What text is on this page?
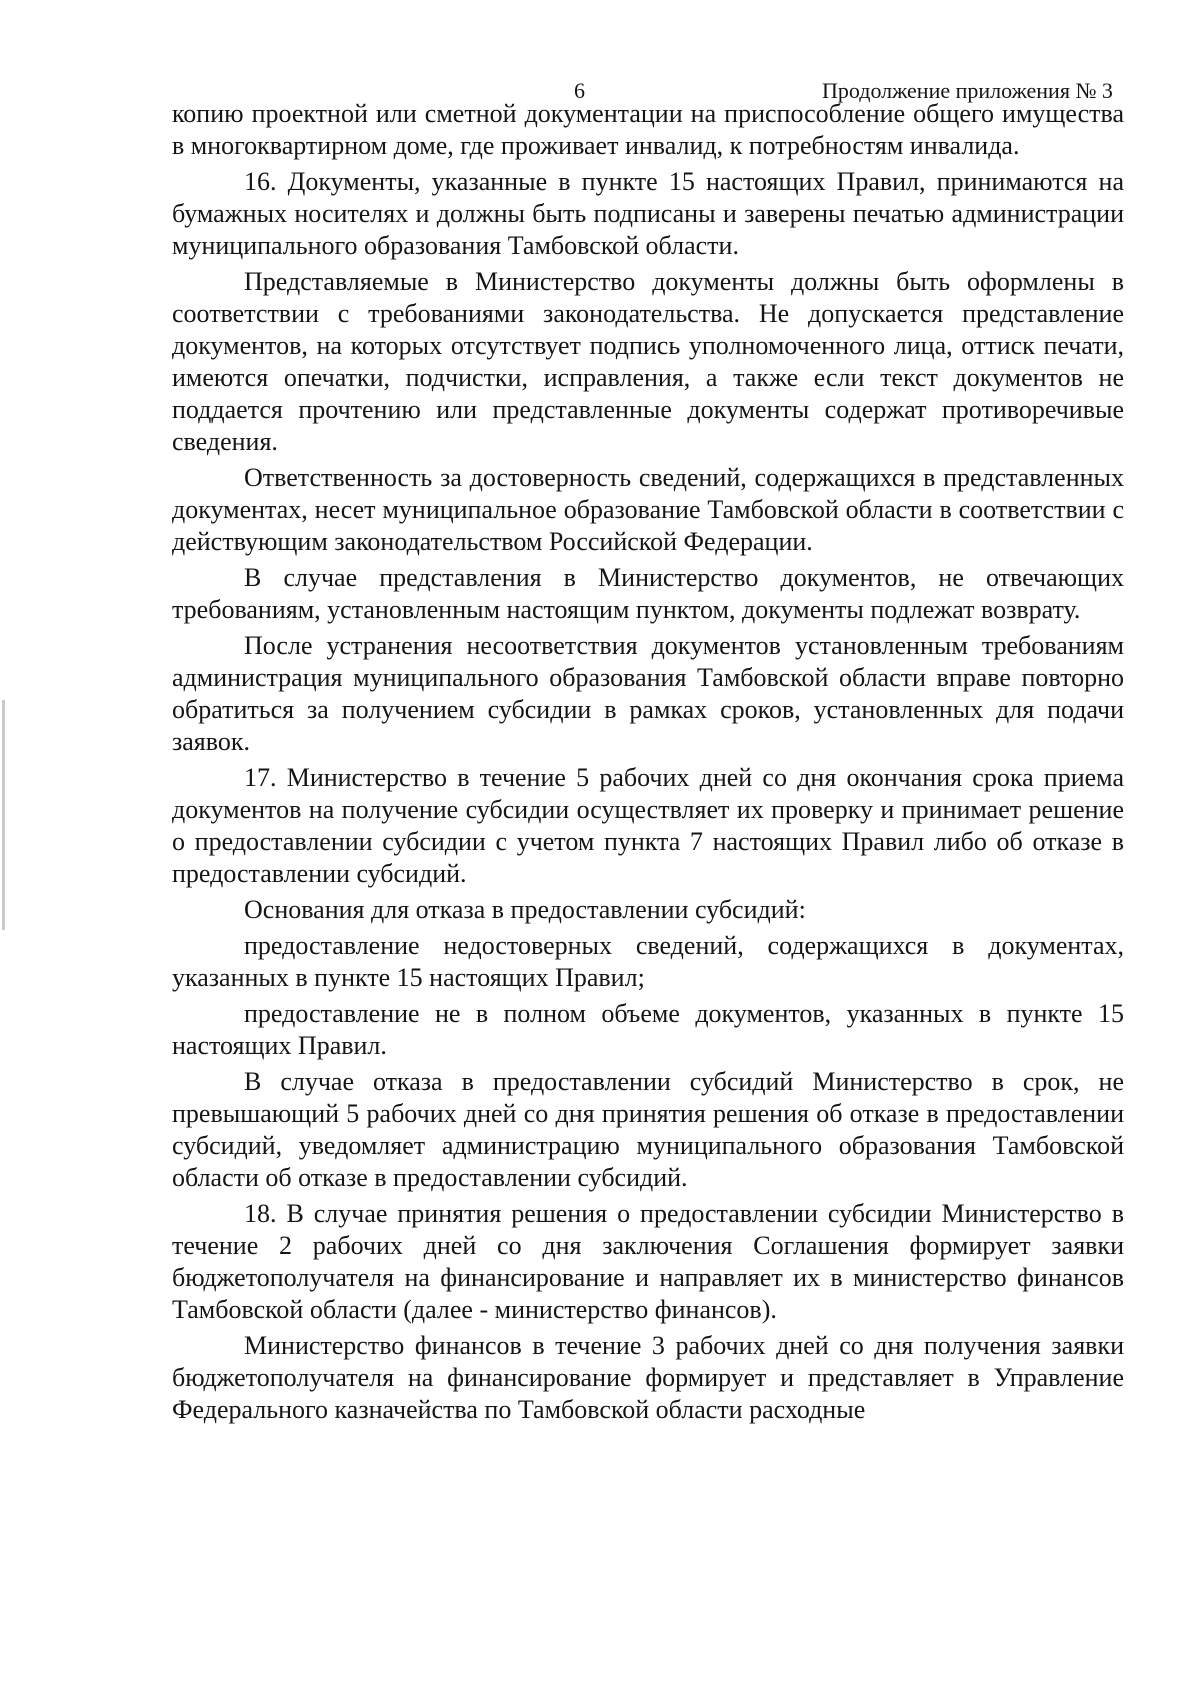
6	Продолжение приложения № 3

копию проектной или сметной документации на приспособление общего имущества в многоквартирном доме, где проживает инвалид, к потребностям инвалида.

16. Документы, указанные в пункте 15 настоящих Правил, принимаются на бумажных носителях и должны быть подписаны и заверены печатью администрации муниципального образования Тамбовской области.

Представляемые в Министерство документы должны быть оформлены в соответствии с требованиями законодательства. Не допускается представление документов, на которых отсутствует подпись уполномоченного лица, оттиск печати, имеются опечатки, подчистки, исправления, а также если текст документов не поддается прочтению или представленные документы содержат противоречивые сведения.

Ответственность за достоверность сведений, содержащихся в представленных документах, несет муниципальное образование Тамбовской области в соответствии с действующим законодательством Российской Федерации.

В случае представления в Министерство документов, не отвечающих требованиям, установленным настоящим пунктом, документы подлежат возврату.

После устранения несоответствия документов установленным требованиям администрация муниципального образования Тамбовской области вправе повторно обратиться за получением субсидии в рамках сроков, установленных для подачи заявок.

17. Министерство в течение 5 рабочих дней со дня окончания срока приема документов на получение субсидии осуществляет их проверку и принимает решение о предоставлении субсидии с учетом пункта 7 настоящих Правил либо об отказе в предоставлении субсидий.

Основания для отказа в предоставлении субсидий:

предоставление недостоверных сведений, содержащихся в документах, указанных в пункте 15 настоящих Правил;

предоставление не в полном объеме документов, указанных в пункте 15 настоящих Правил.

В случае отказа в предоставлении субсидий Министерство в срок, не превышающий 5 рабочих дней со дня принятия решения об отказе в предоставлении субсидий, уведомляет администрацию муниципального образования Тамбовской области об отказе в предоставлении субсидий.

18. В случае принятия решения о предоставлении субсидии Министерство в течение 2 рабочих дней со дня заключения Соглашения формирует заявки бюджетополучателя на финансирование и направляет их в министерство финансов Тамбовской области (далее - министерство финансов).

Министерство финансов в течение 3 рабочих дней со дня получения заявки бюджетополучателя на финансирование формирует и представляет в Управление Федерального казначейства по Тамбовской области расходные
